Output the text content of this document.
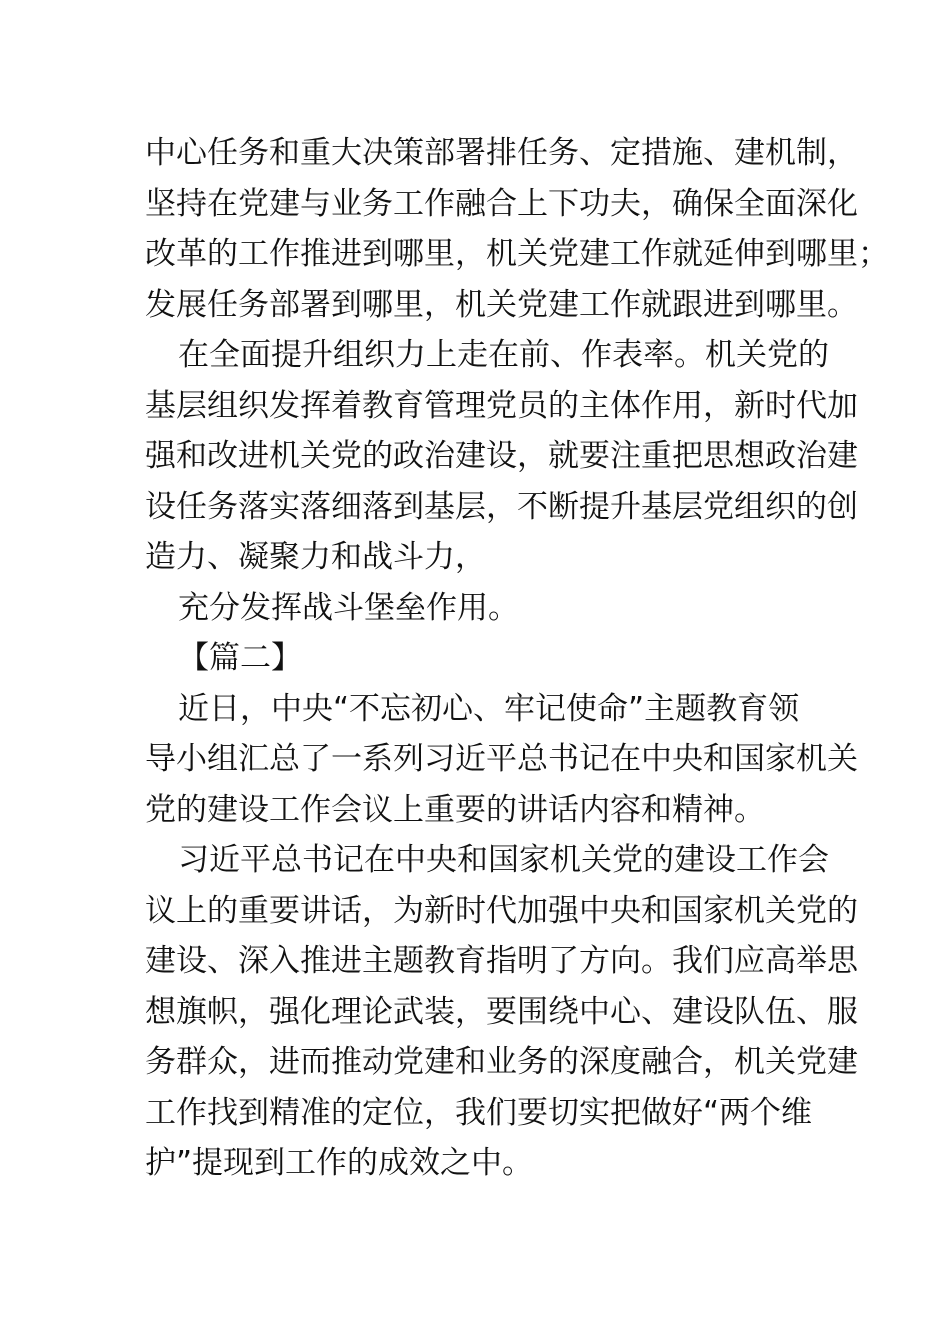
中心任务和重大决策部署排任务、定措施、建机制，
坚持在党建与业务工作融合上下功夫，确保全面深化
改革的工作推进到哪里，机关党建工作就延伸到哪里；
发展任务部署到哪里，机关党建工作就跟进到哪里。
在全面提升组织力上走在前、作表率。机关党的
基层组织发挥着教育管理党员的主体作用，新时代加
强和改进机关党的政治建设，就要注重把思想政治建
设任务落实落细落到基层，不断提升基层党组织的创
造力、凝聚力和战斗力，
充分发挥战斗堡垒作用。
【篇二】
近日，中央“不忘初心、牢记使命”主题教育领
导小组汇总了一系列习近平总书记在中央和国家机关
党的建设工作会议上重要的讲话内容和精神。
习近平总书记在中央和国家机关党的建设工作会
议上的重要讲话，为新时代加强中央和国家机关党的
建设、深入推进主题教育指明了方向。我们应高举思
想旗帜，强化理论武装，要围绕中心、建设队伍、服
务群众，进而推动党建和业务的深度融合，机关党建
工作找到精准的定位，我们要切实把做好“两个维
护”提现到工作的成效之中。
